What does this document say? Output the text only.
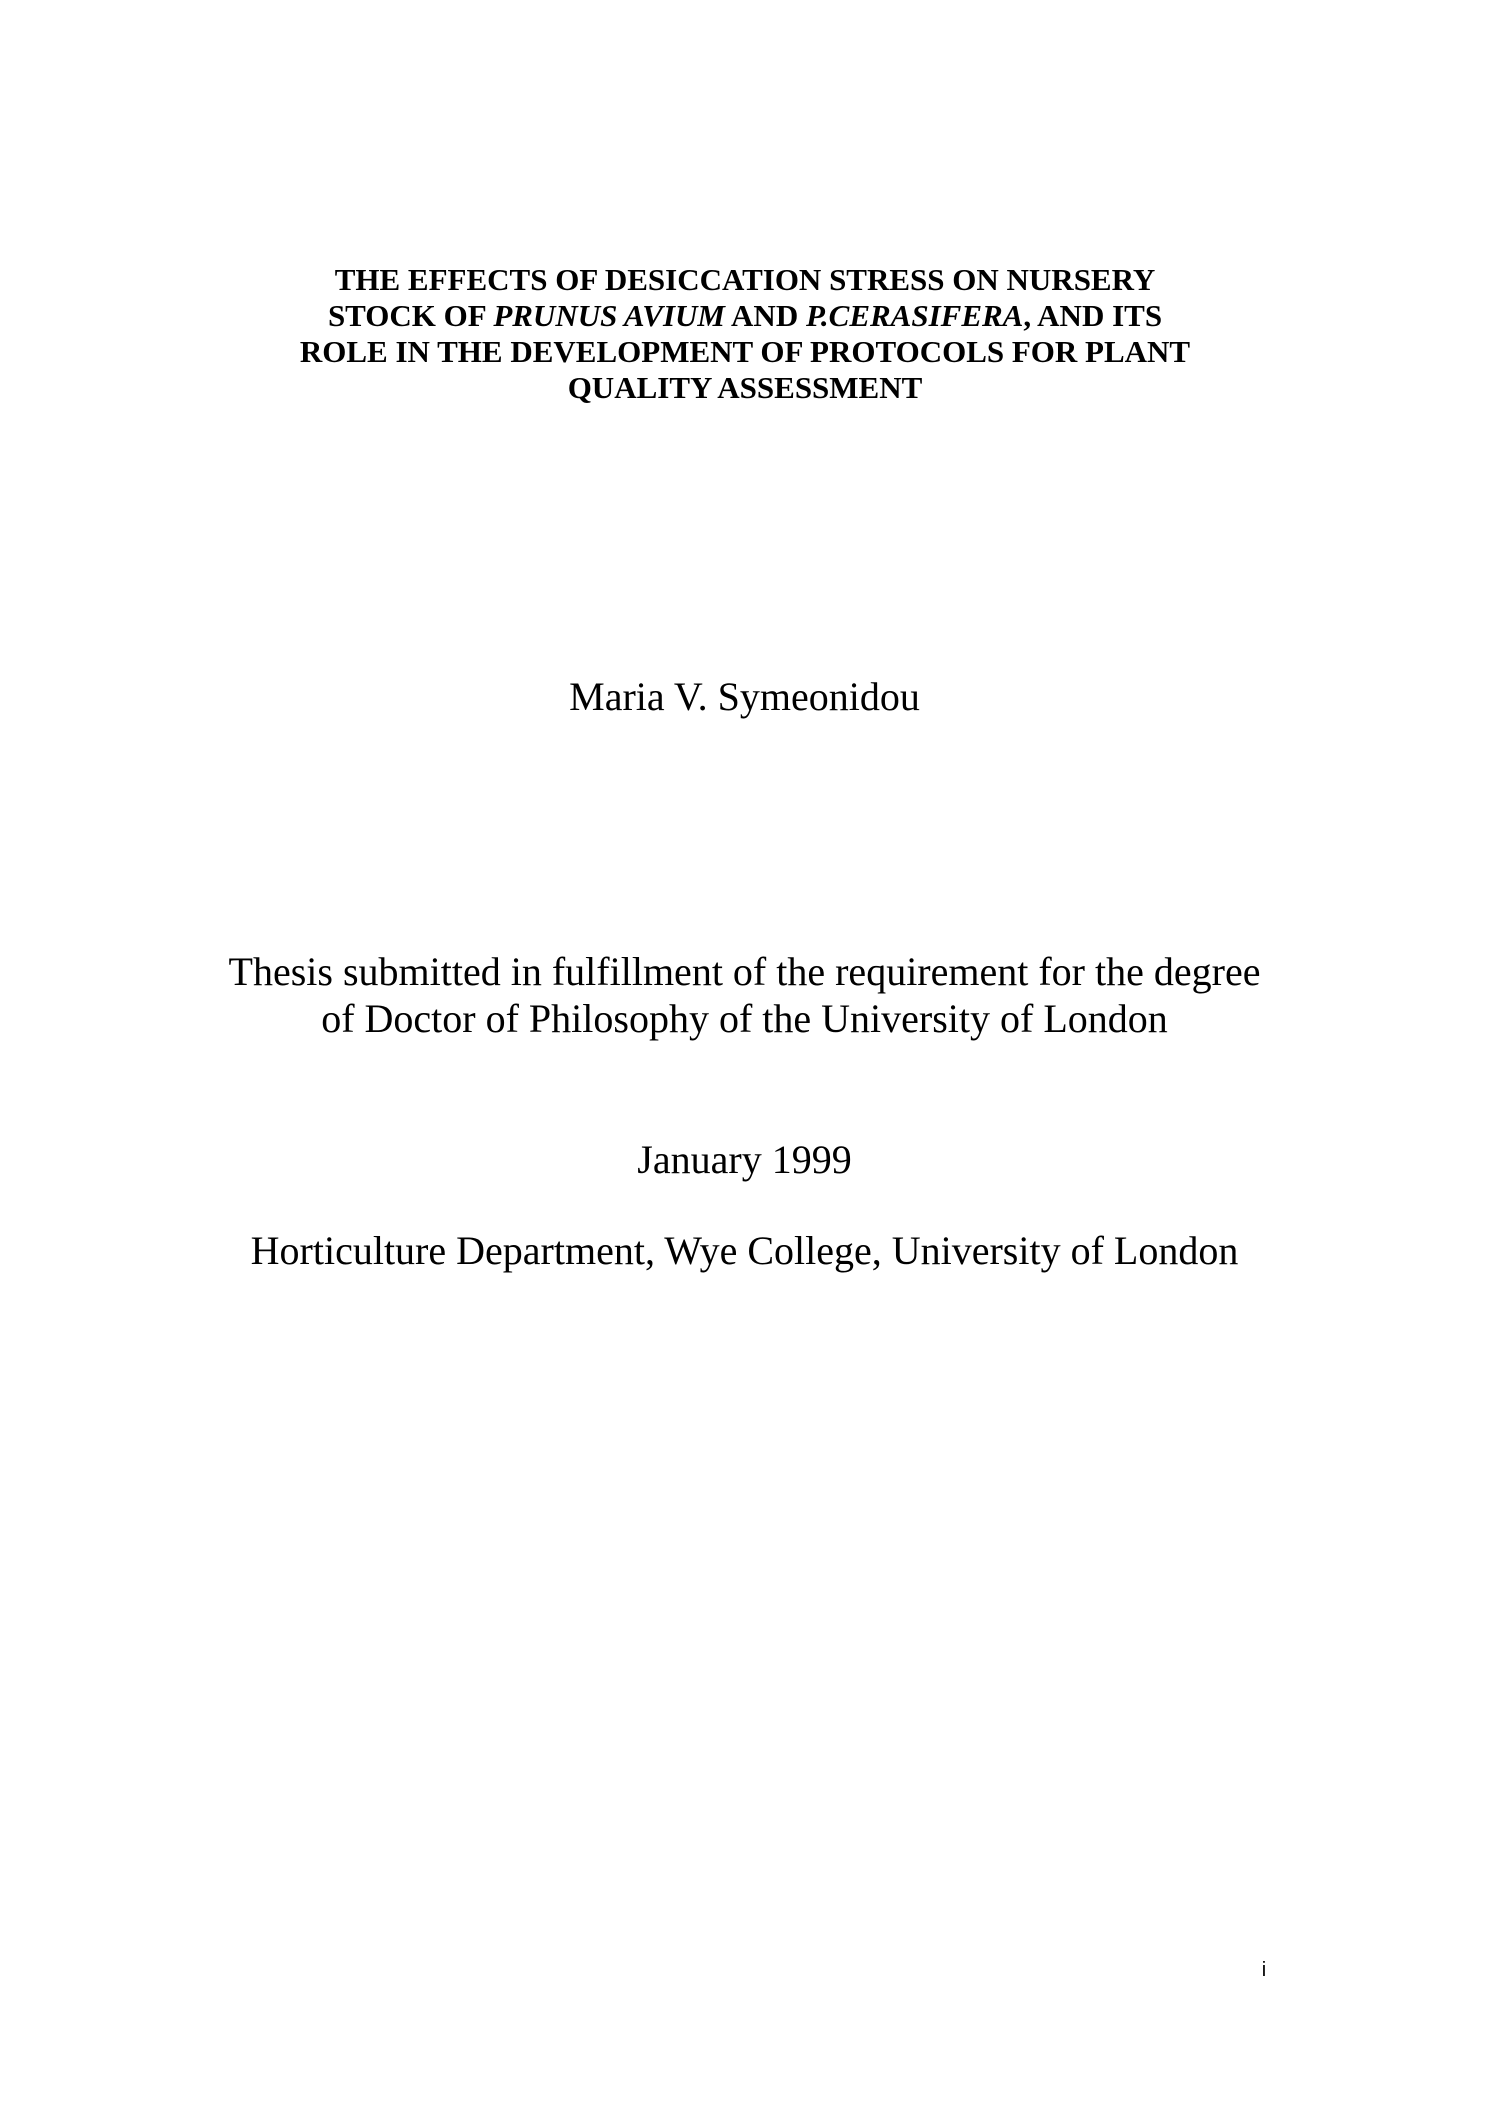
THE EFFECTS OF DESICCATION STRESS ON NURSERY
STOCK OF PRUNUS AVIUM AND P.CERASIFERA, AND ITS
ROLE IN THE DEVELOPMENT OF PROTOCOLS FOR PLANT
QUALITY ASSESSMENT
Maria V. Symeonidou
Thesis submitted in fulfillment of the requirement for the degree
of Doctor of Philosophy of the University of London
January 1999
Horticulture Department, Wye College, University of London
i
